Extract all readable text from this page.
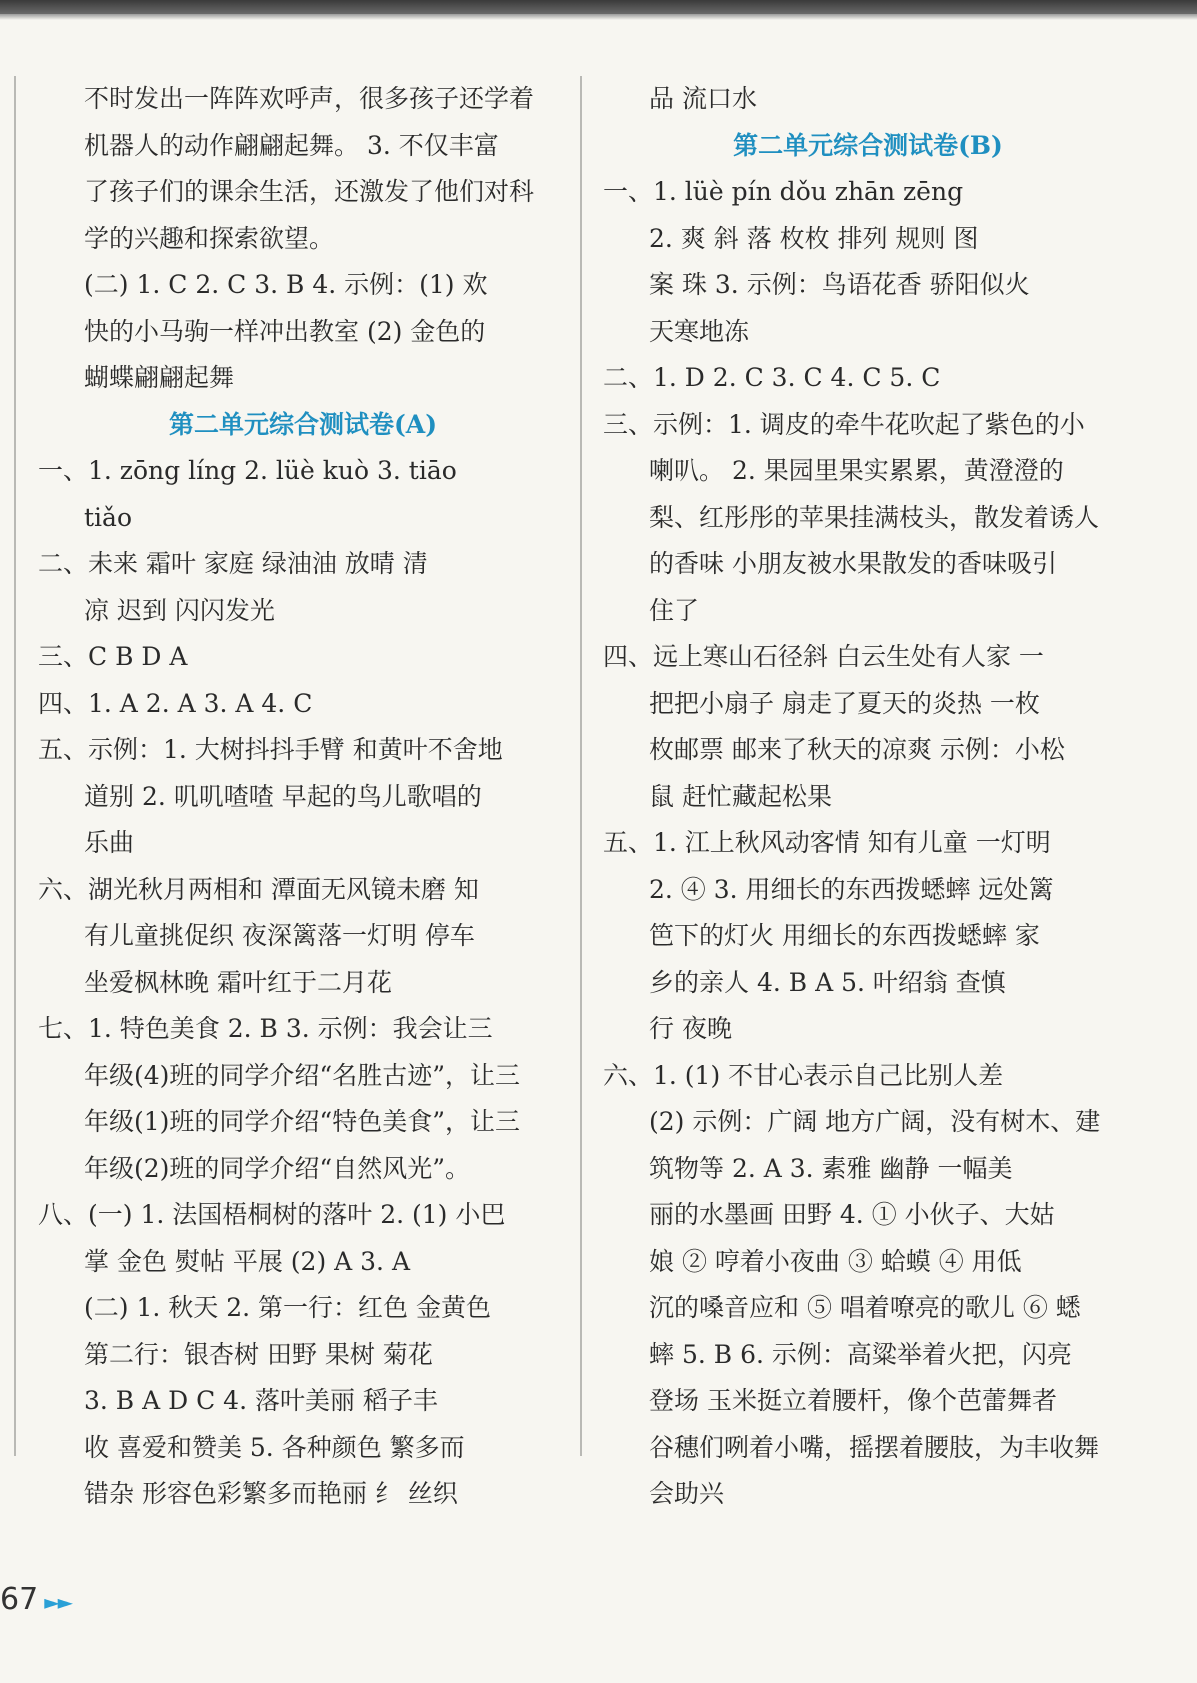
不时发出一阵阵欢呼声，很多孩子还学着
机器人的动作翩翩起舞。 3. 不仅丰富
了孩子们的课余生活，还激发了他们对科
学的兴趣和探索欲望。
(二) 1. C 2. C 3. B 4. 示例：(1) 欢
快的小马驹一样冲出教室 (2) 金色的
蝴蝶翩翩起舞
第二单元综合测试卷(A)
一、1. zōng líng 2. lüè kuò 3. tiāo
tiǎo
二、未来 霜叶 家庭 绿油油 放晴 清
凉 迟到 闪闪发光
三、C B D A
四、1. A 2. A 3. A 4. C
五、示例：1. 大树抖抖手臂 和黄叶不舍地
道别 2. 叽叽喳喳 早起的鸟儿歌唱的
乐曲
六、湖光秋月两相和 潭面无风镜未磨 知
有儿童挑促织 夜深篱落一灯明 停车
坐爱枫林晚 霜叶红于二月花
七、1. 特色美食 2. B 3. 示例：我会让三
年级(4)班的同学介绍“名胜古迹”，让三
年级(1)班的同学介绍“特色美食”，让三
年级(2)班的同学介绍“自然风光”。
八、(一) 1. 法国梧桐树的落叶 2. (1) 小巴
掌 金色 熨帖 平展 (2) A 3. A
(二) 1. 秋天 2. 第一行：红色 金黄色
第二行：银杏树 田野 果树 菊花
3. B A D C 4. 落叶美丽 稻子丰
收 喜爱和赞美 5. 各种颜色 繁多而
错杂 形容色彩繁多而艳丽 纟 丝织
品 流口水
第二单元综合测试卷(B)
一、1. lüè pín dǒu zhān zēng
2. 爽 斜 落 枚枚 排列 规则 图
案 珠 3. 示例：鸟语花香 骄阳似火
天寒地冻
二、1. D 2. C 3. C 4. C 5. C
三、示例：1. 调皮的牵牛花吹起了紫色的小
喇叭。 2. 果园里果实累累，黄澄澄的
梨、红彤彤的苹果挂满枝头，散发着诱人
的香味 小朋友被水果散发的香味吸引
住了
四、远上寒山石径斜 白云生处有人家 一
把把小扇子 扇走了夏天的炎热 一枚
枚邮票 邮来了秋天的凉爽 示例：小松
鼠 赶忙藏起松果
五、1. 江上秋风动客情 知有儿童 一灯明
2. ④ 3. 用细长的东西拨蟋蟀 远处篱
笆下的灯火 用细长的东西拨蟋蟀 家
乡的亲人 4. B A 5. 叶绍翁 查慎
行 夜晚
六、1. (1) 不甘心表示自己比别人差
(2) 示例：广阔 地方广阔，没有树木、建
筑物等 2. A 3. 素雅 幽静 一幅美
丽的水墨画 田野 4. ① 小伙子、大姑
娘 ② 哼着小夜曲 ③ 蛤蟆 ④ 用低
沉的嗓音应和 ⑤ 唱着嘹亮的歌儿 ⑥ 蟋
蟀 5. B 6. 示例：高粱举着火把，闪亮
登场 玉米挺立着腰杆，像个芭蕾舞者
谷穗们咧着小嘴，摇摆着腰肢，为丰收舞
会助兴
67 ►►
